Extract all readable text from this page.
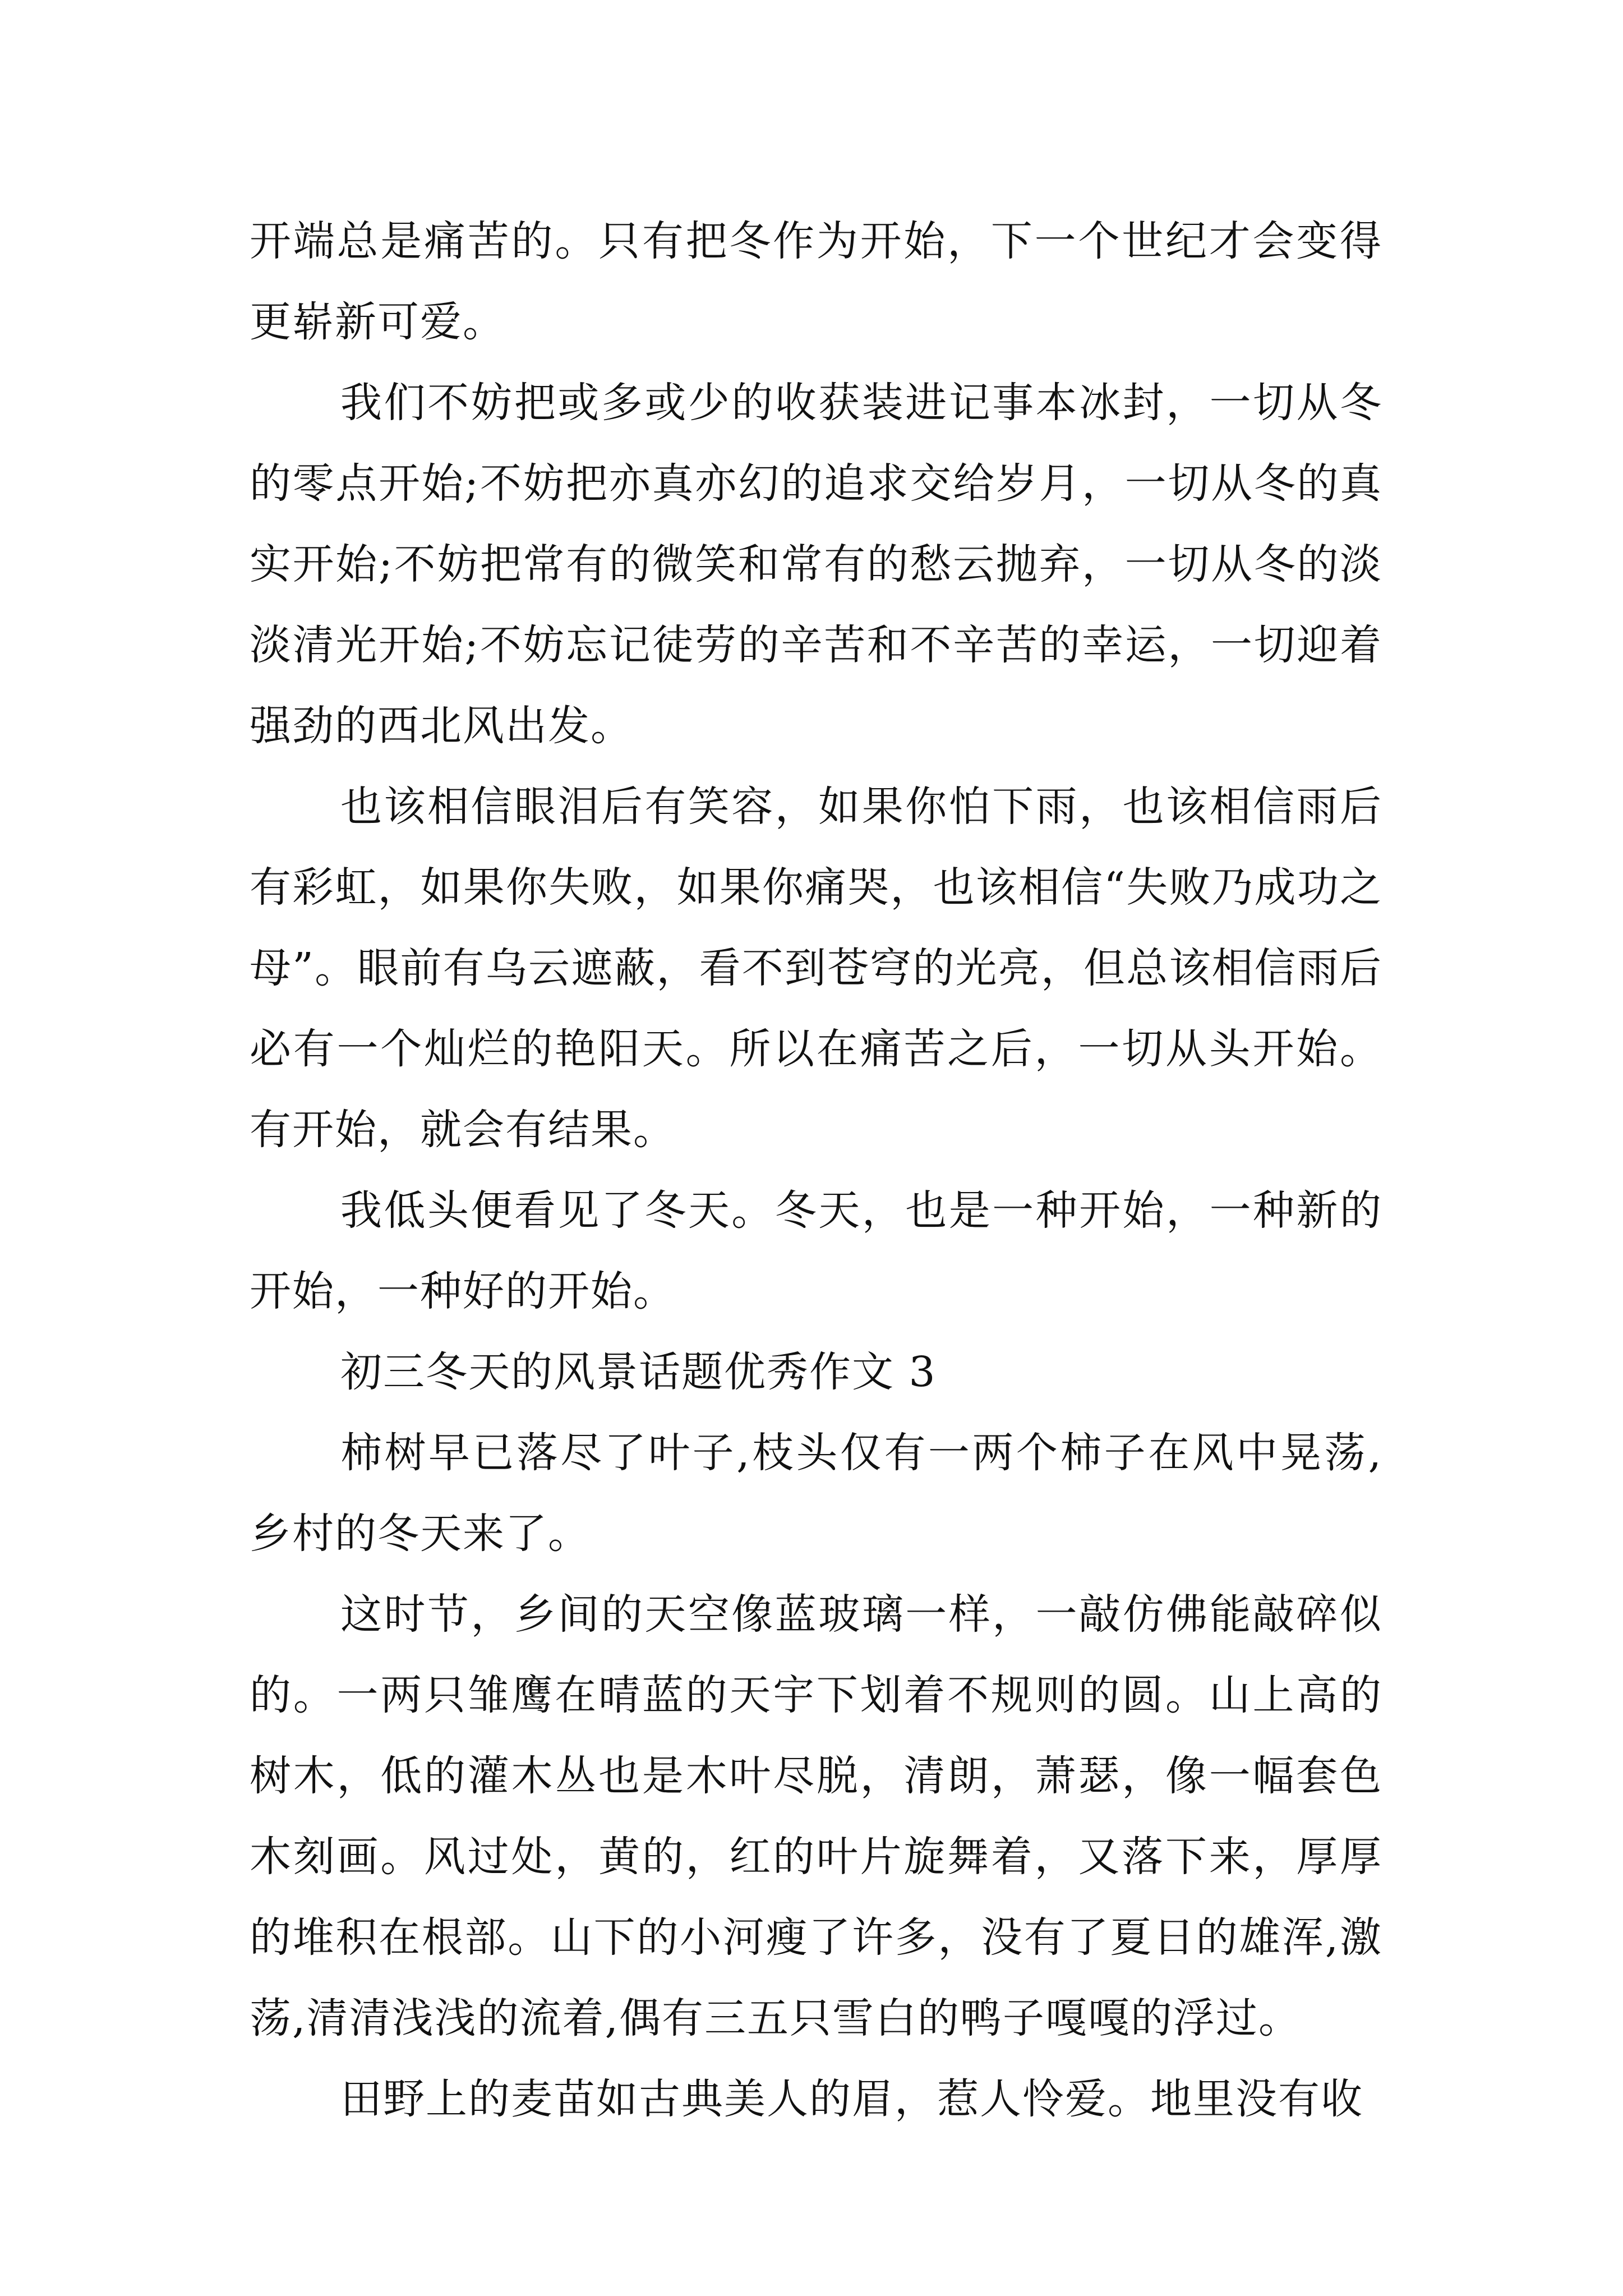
开端总是痛苦的。只有把冬作为开始，下一个世纪才会变得更崭新可爱。

我们不妨把或多或少的收获装进记事本冰封，一切从冬的零点开始;不妨把亦真亦幻的追求交给岁月，一切从冬的真实开始;不妨把常有的微笑和常有的愁云抛弃，一切从冬的淡淡清光开始;不妨忘记徒劳的辛苦和不辛苦的幸运，一切迎着强劲的西北风出发。

也该相信眼泪后有笑容，如果你怕下雨，也该相信雨后有彩虹，如果你失败，如果你痛哭，也该相信“失败乃成功之母”。眼前有乌云遮蔽，看不到苍穹的光亮，但总该相信雨后必有一个灿烂的艳阳天。所以在痛苦之后，一切从头开始。有开始，就会有结果。

我低头便看见了冬天。冬天，也是一种开始，一种新的开始，一种好的开始。

初三冬天的风景话题优秀作文 3

柿树早已落尽了叶子,枝头仅有一两个柿子在风中晃荡,乡村的冬天来了。

这时节，乡间的天空像蓝玻璃一样，一敲仿佛能敲碎似的。一两只雏鹰在晴蓝的天宇下划着不规则的圆。山上高的树木，低的灌木丛也是木叶尽脱，清朗，萧瑟，像一幅套色木刻画。风过处，黄的，红的叶片旋舞着，又落下来，厚厚的堆积在根部。山下的小河瘦了许多，没有了夏日的雄浑,激荡,清清浅浅的流着,偶有三五只雪白的鸭子嘎嘎的浮过。

田野上的麦苗如古典美人的眉，惹人怜爱。地里没有收
